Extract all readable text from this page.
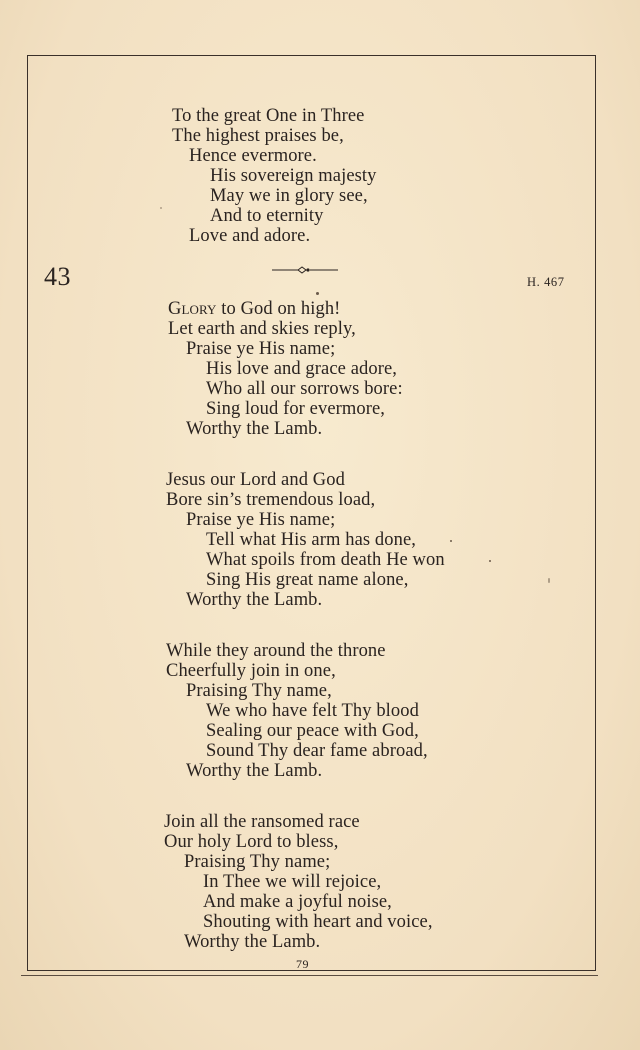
To the great One in Three
The highest praises be,
Hence evermore.
His sovereign majesty
May we in glory see,
And to eternity
Love and adore.
43	H. 467
Glory to God on high!
Let earth and skies reply,
Praise ye His name;
His love and grace adore,
Who all our sorrows bore:
Sing loud for evermore,
Worthy the Lamb.
Jesus our Lord and God
Bore sin’s tremendous load,
Praise ye His name;
Tell what His arm has done,
What spoils from death He won
Sing His great name alone,
Worthy the Lamb.
While they around the throne
Cheerfully join in one,
Praising Thy name,
We who have felt Thy blood
Sealing our peace with God,
Sound Thy dear fame abroad,
Worthy the Lamb.
Join all the ransomed race
Our holy Lord to bless,
Praising Thy name;
In Thee we will rejoice,
And make a joyful noise,
Shouting with heart and voice,
Worthy the Lamb.
79
